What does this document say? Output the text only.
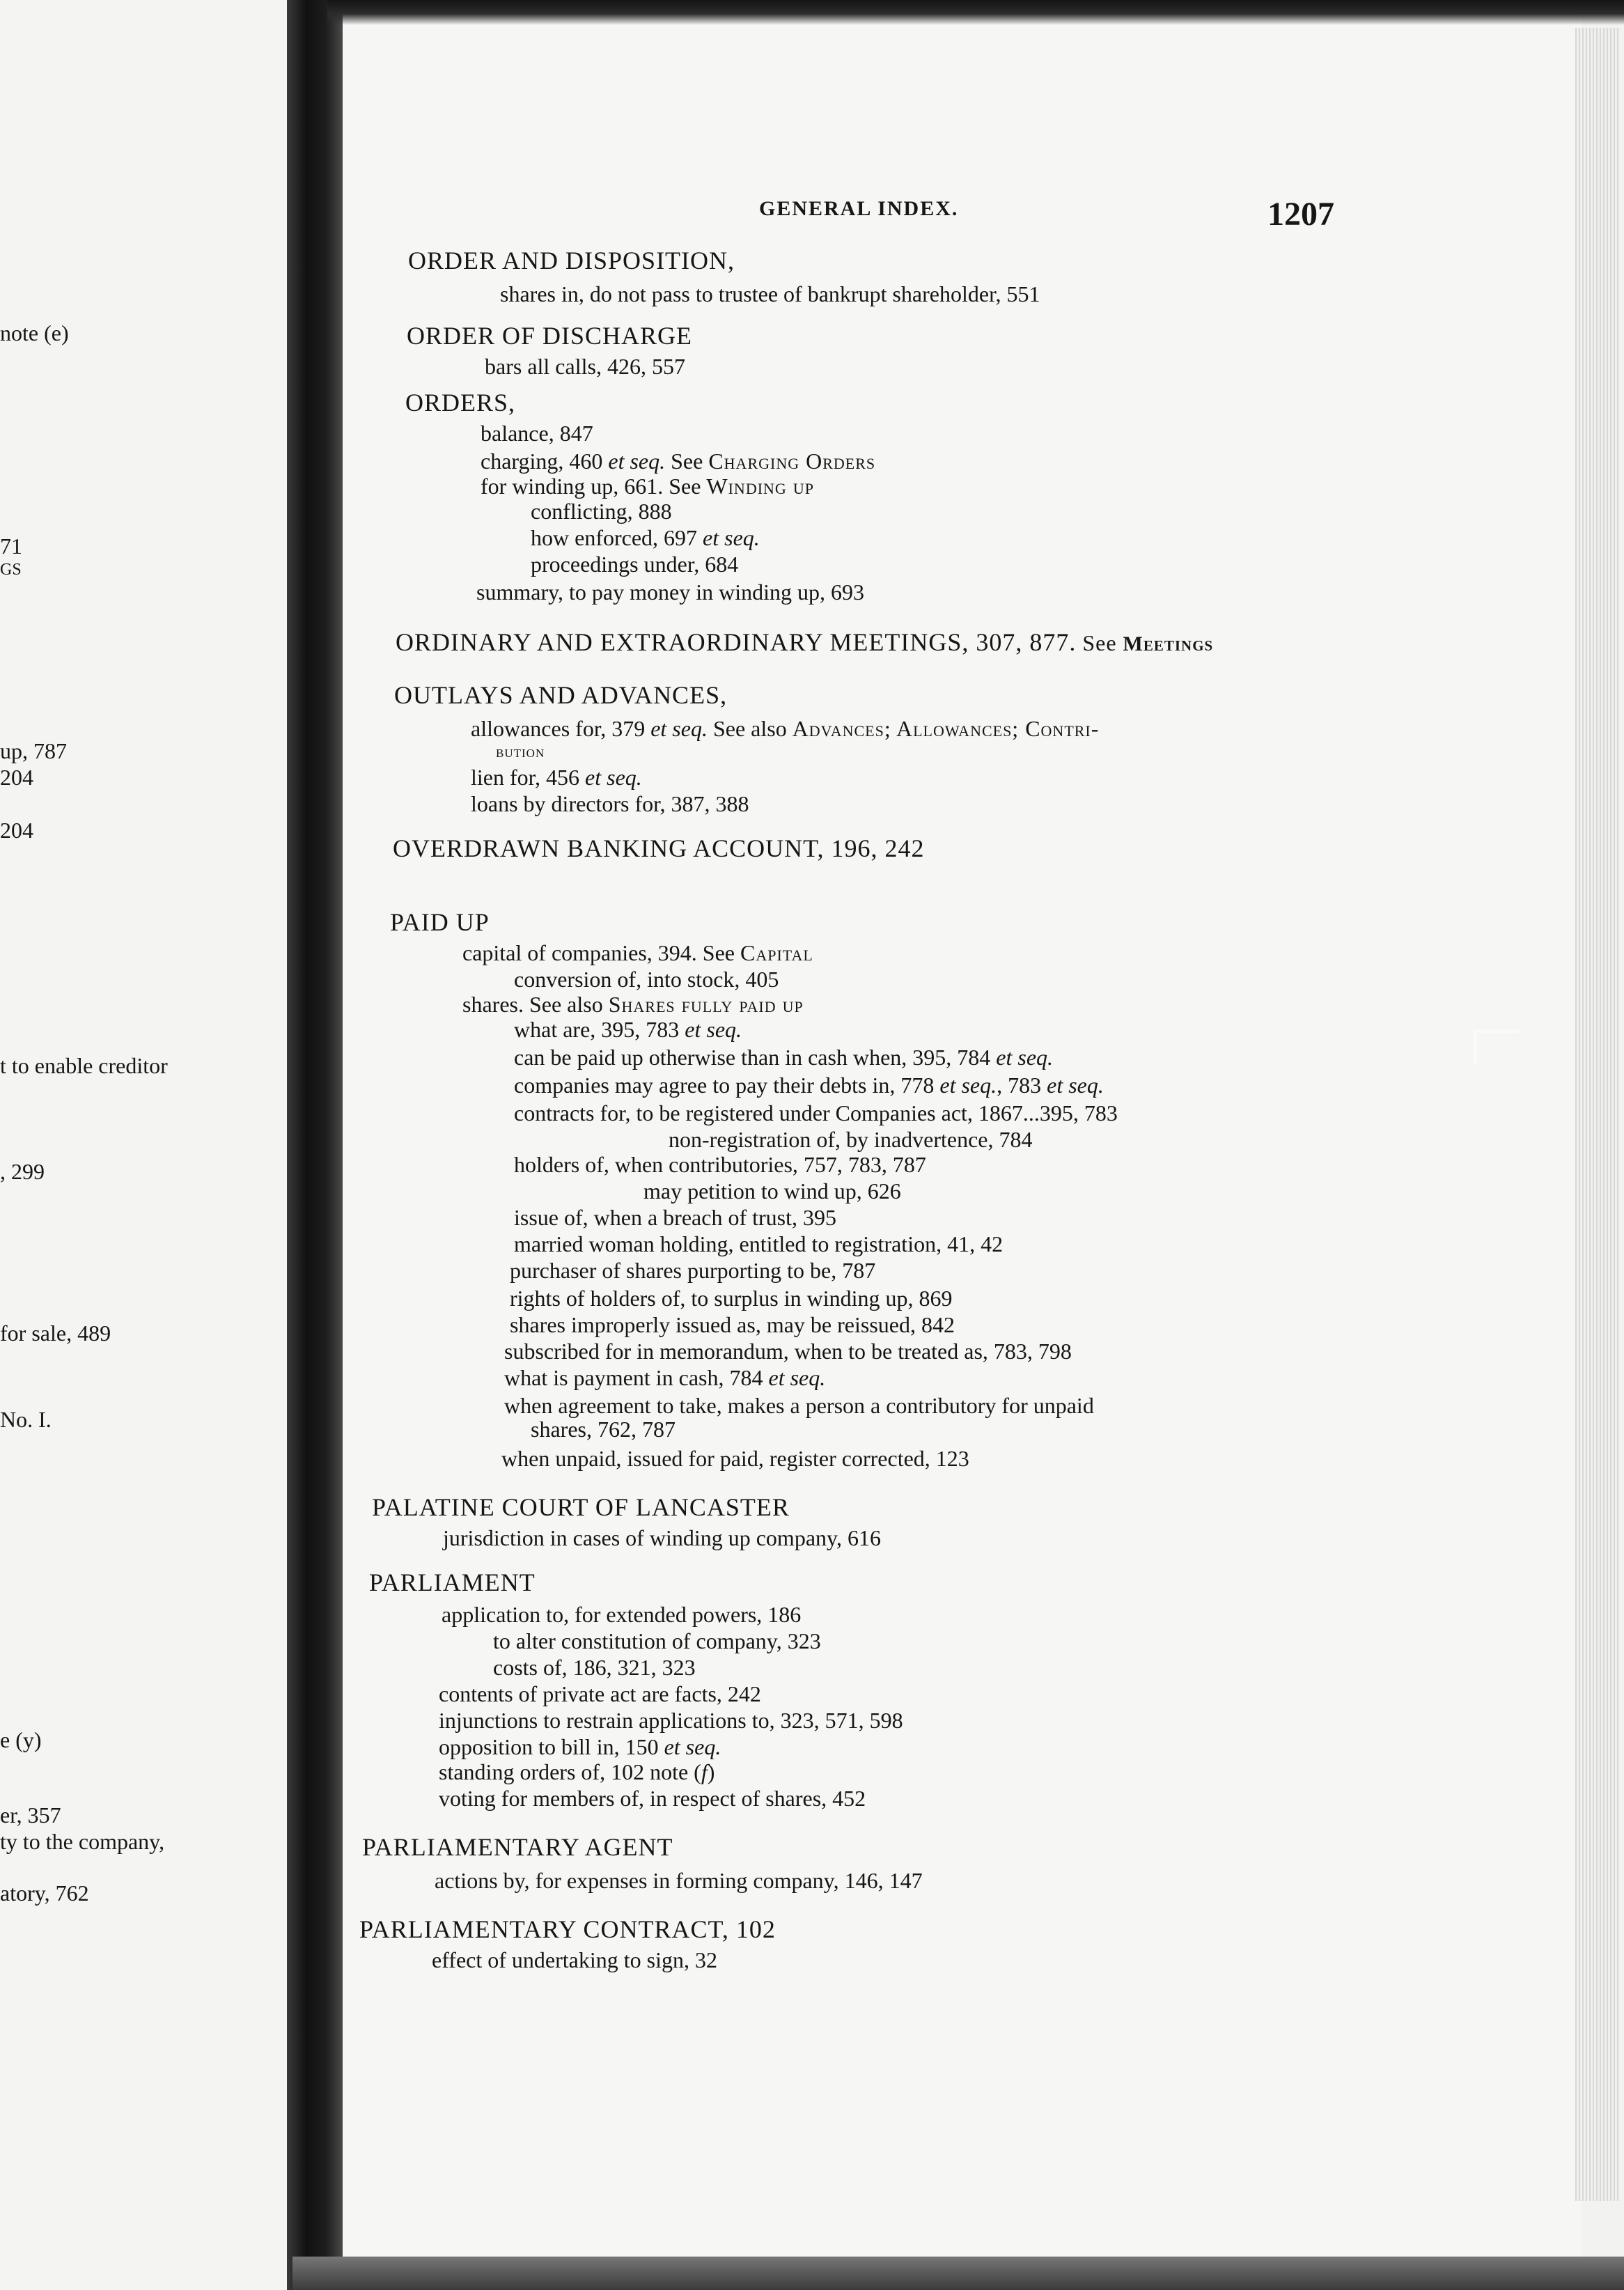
note (e)
71
GS
up, 787
204
204
t to enable creditor
, 299
for sale, 489
No. I.
e (y)
er, 357
ty to the company,
atory, 762
GENERAL INDEX.	1207
ORDER AND DISPOSITION,
shares in, do not pass to trustee of bankrupt shareholder, 551
ORDER OF DISCHARGE
bars all calls, 426, 557
ORDERS,
balance, 847
charging, 460 et seq. See Charging Orders
for winding up, 661. See Winding up
conflicting, 888
how enforced, 697 et seq.
proceedings under, 684
summary, to pay money in winding up, 693
ORDINARY AND EXTRAORDINARY MEETINGS, 307, 877. See Meetings
OUTLAYS AND ADVANCES,
allowances for, 379 et seq. See also Advances; Allowances; Contri-
bution
lien for, 456 et seq.
loans by directors for, 387, 388
OVERDRAWN BANKING ACCOUNT, 196, 242
PAID UP
capital of companies, 394. See Capital
conversion of, into stock, 405
shares. See also Shares fully paid up
what are, 395, 783 et seq.
can be paid up otherwise than in cash when, 395, 784 et seq.
companies may agree to pay their debts in, 778 et seq., 783 et seq.
contracts for, to be registered under Companies act, 1867...395, 783
non-registration of, by inadvertence, 784
holders of, when contributories, 757, 783, 787
may petition to wind up, 626
issue of, when a breach of trust, 395
married woman holding, entitled to registration, 41, 42
purchaser of shares purporting to be, 787
rights of holders of, to surplus in winding up, 869
shares improperly issued as, may be reissued, 842
subscribed for in memorandum, when to be treated as, 783, 798
what is payment in cash, 784 et seq.
when agreement to take, makes a person a contributory for unpaid
shares, 762, 787
when unpaid, issued for paid, register corrected, 123
PALATINE COURT OF LANCASTER
jurisdiction in cases of winding up company, 616
PARLIAMENT
application to, for extended powers, 186
to alter constitution of company, 323
costs of, 186, 321, 323
contents of private act are facts, 242
injunctions to restrain applications to, 323, 571, 598
opposition to bill in, 150 et seq.
standing orders of, 102 note (f)
voting for members of, in respect of shares, 452
PARLIAMENTARY AGENT
actions by, for expenses in forming company, 146, 147
PARLIAMENTARY CONTRACT, 102
effect of undertaking to sign, 32
